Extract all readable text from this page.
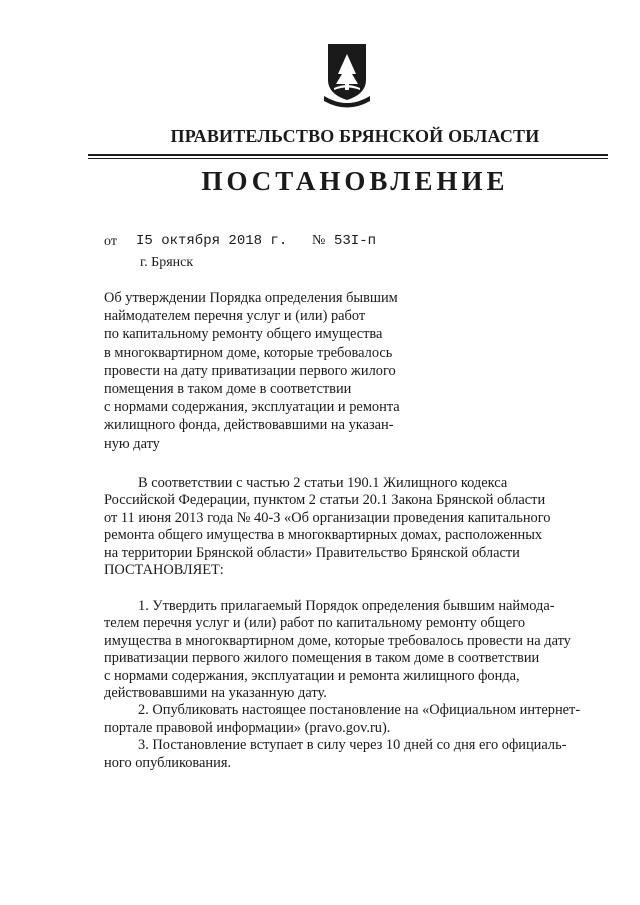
ПРАВИТЕЛЬСТВО БРЯНСКОЙ ОБЛАСТИ
ПОСТАНОВЛЕНИЕ
от I5 октября 2018 г. № 53I-п
г. Брянск
Об утверждении Порядка определения бывшим
наймодателем перечня услуг и (или) работ
по капитальному ремонту общего имущества
в многоквартирном доме, которые требовалось
провести на дату приватизации первого жилого
помещения в таком доме в соответствии
с нормами содержания, эксплуатации и ремонта
жилищного фонда, действовавшими на указан-
ную дату
В соответствии с частью 2 статьи 190.1 Жилищного кодекса
Российской Федерации, пунктом 2 статьи 20.1 Закона Брянской области
от 11 июня 2013 года № 40-З «Об организации проведения капитального
ремонта общего имущества в многоквартирных домах, расположенных
на территории Брянской области» Правительство Брянской области
ПОСТАНОВЛЯЕТ:
1. Утвердить прилагаемый Порядок определения бывшим наймода-
телем перечня услуг и (или) работ по капитальному ремонту общего
имущества в многоквартирном доме, которые требовалось провести на дату
приватизации первого жилого помещения в таком доме в соответствии
с нормами содержания, эксплуатации и ремонта жилищного фонда,
действовавшими на указанную дату.
2. Опубликовать настоящее постановление на «Официальном интернет-
портале правовой информации» (pravo.gov.ru).
3. Постановление вступает в силу через 10 дней со дня его официаль-
ного опубликования.
